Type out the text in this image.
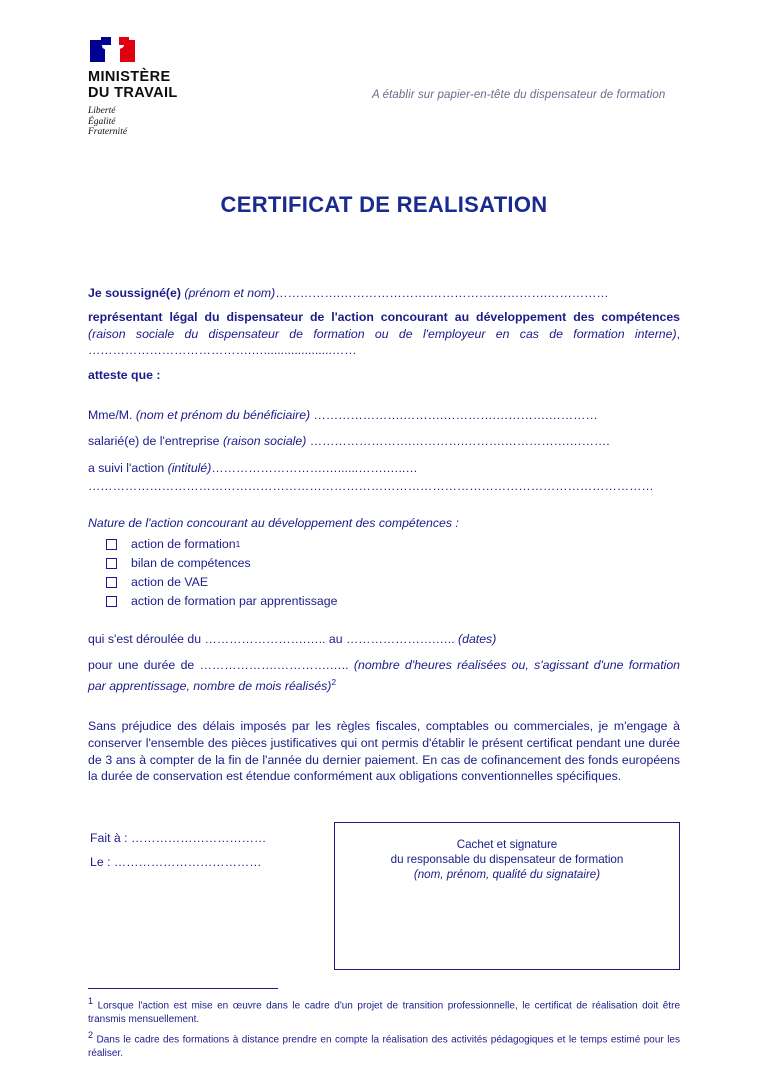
MINISTÈRE
DU TRAVAIL
Liberté
Égalité
Fraternité
A établir sur papier-en-tête du dispensateur de formation
CERTIFICAT DE REALISATION

Je soussigné(e) (prénom et nom)…………….………………….…………….………….……………

représentant légal du dispensateur de l'action concourant au développement des compétences (raison sociale du dispensateur de formation ou de l'employeur en cas de formation interne), ………………………………….…....................……

atteste que :

Mme/M. (nom et prénom du bénéficiaire) ………………….……….………….………….…………

salarié(e) de l'entreprise (raison sociale) …………………….………….……….…………….……….

a suivi l'action (intitulé)……………………….…......…….…..…

…………………………………………………………………………………………………………………………

Nature de l'action concourant au développement des compétences :

action de formation 1
bilan de compétences
action de VAE
action de formation par apprentissage

qui s'est déroulée du …………………….….. au ………………….….. (dates)

pour une durée de ……………….………….….. (nombre d'heures réalisées ou, s'agissant d'une formation par apprentissage, nombre de mois réalisés)$^2$

Sans préjudice des délais imposés par les règles fiscales, comptables ou commerciales, je m'engage à conserver l'ensemble des pièces justificatives qui ont permis d'établir le présent certificat pendant une durée de 3 ans à compter de la fin de l'année du dernier paiement. En cas de cofinancement des fonds européens la durée de conservation est étendue conformément aux obligations conventionnelles spécifiques.

Fait à : ……………………………
Le : ………………………………
Cachet et signature
du responsable du dispensateur de formation
(nom, prénom, qualité du signataire)

1 Lorsque l'action est mise en œuvre dans le cadre d'un projet de transition professionnelle, le certificat de réalisation doit être transmis mensuellement.

2 Dans le cadre des formations à distance prendre en compte la réalisation des activités pédagogiques et le temps estimé pour les réaliser.
